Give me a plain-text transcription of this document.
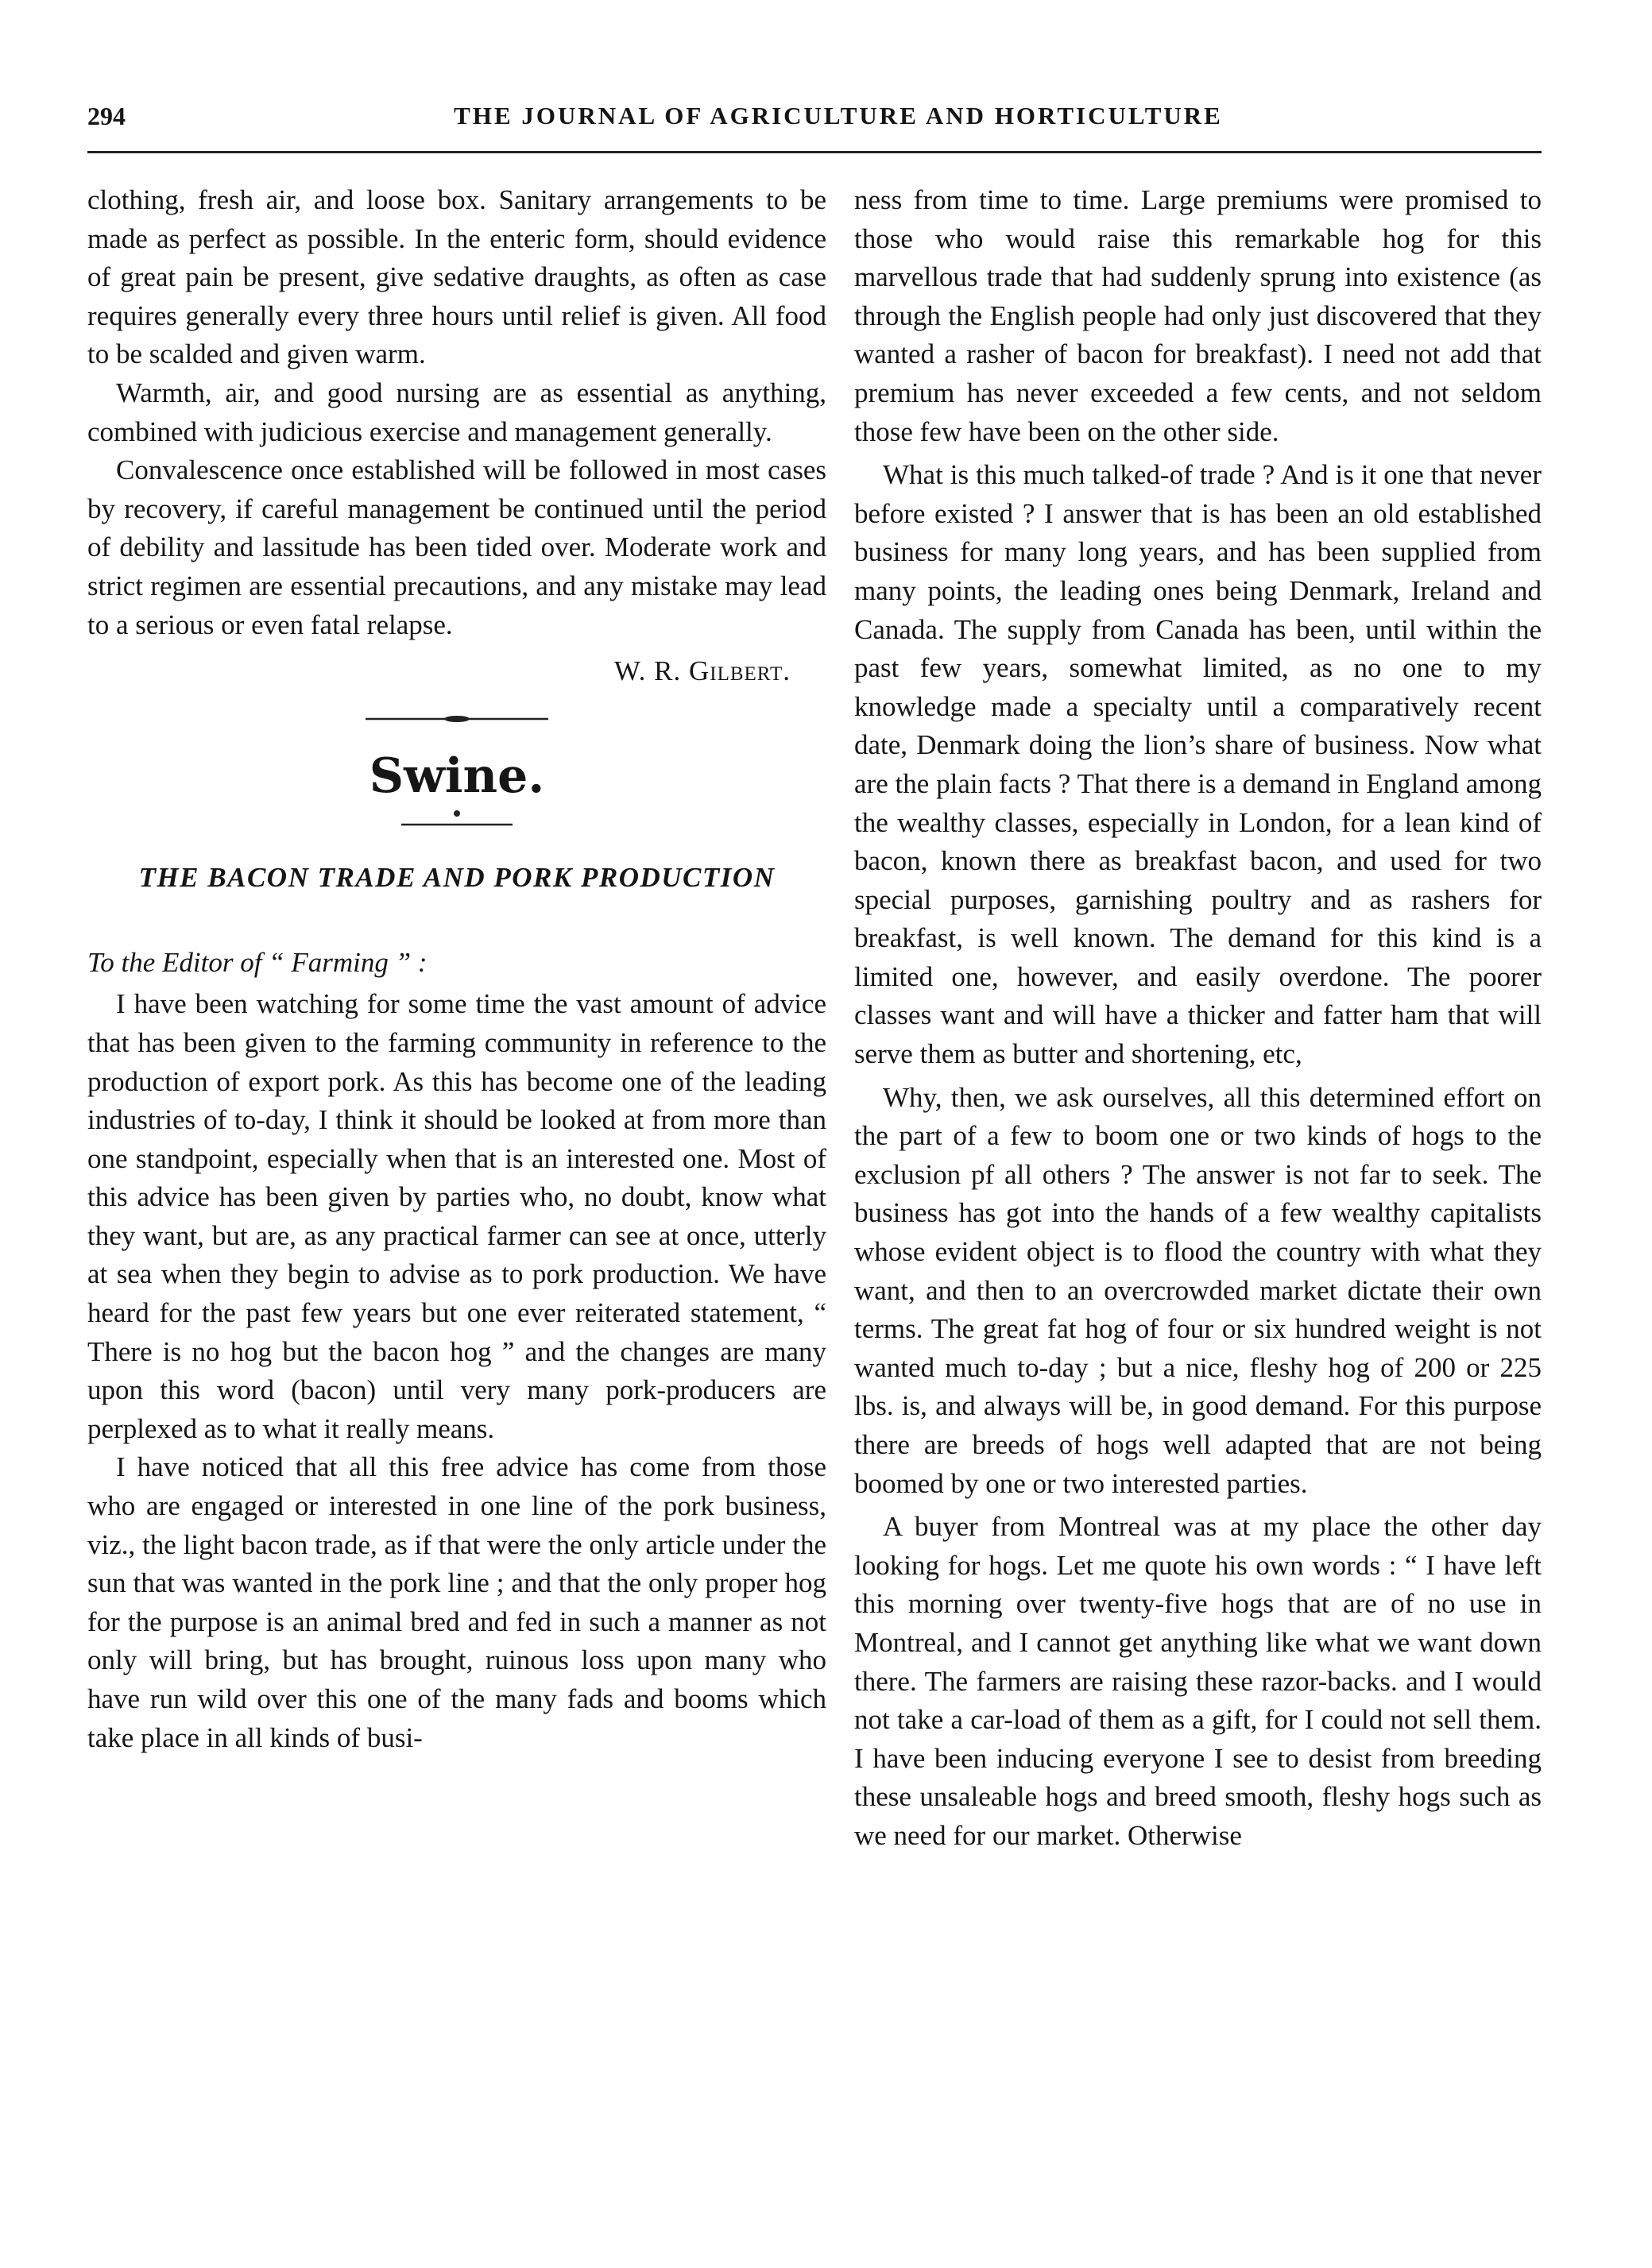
294	THE JOURNAL OF AGRICULTURE AND HORTICULTURE

clothing, fresh air, and loose box. Sanitary arrangements to be made as perfect as possible. In the enteric form, should evidence of great pain be present, give sedative draughts, as often as case requires generally every three hours until relief is given. All food to be scalded and given warm.

Warmth, air, and good nursing are as essential as anything, combined with judicious exercise and management generally.

Convalescence once established will be followed in most cases by recovery, if careful management be continued until the period of debility and lassitude has been tided over. Moderate work and strict regimen are essential precautions, and any mistake may lead to a serious or even fatal relapse.

W. R. Gilbert.
Swine.
THE BACON TRADE AND PORK PRODUCTION

To the Editor of “ Farming ” :

I have been watching for some time the vast amount of advice that has been given to the farming community in reference to the production of export pork. As this has become one of the leading industries of to-day, I think it should be looked at from more than one standpoint, especially when that is an interested one. Most of this advice has been given by parties who, no doubt, know what they want, but are, as any practical farmer can see at once, utterly at sea when they begin to advise as to pork production. We have heard for the past few years but one ever reiterated statement, “ There is no hog but the bacon hog ” and the changes are many upon this word (bacon) until very many pork-producers are perplexed as to what it really means.

I have noticed that all this free advice has come from those who are engaged or interested in one line of the pork business, viz., the light bacon trade, as if that were the only article under the sun that was wanted in the pork line ; and that the only proper hog for the purpose is an animal bred and fed in such a manner as not only will bring, but has brought, ruinous loss upon many who have run wild over this one of the many fads and booms which take place in all kinds of busi-

ness from time to time. Large premiums were promised to those who would raise this remarkable hog for this marvellous trade that had suddenly sprung into existence (as through the English people had only just discovered that they wanted a rasher of bacon for breakfast). I need not add that premium has never exceeded a few cents, and not seldom those few have been on the other side.

What is this much talked-of trade ? And is it one that never before existed ? I answer that is has been an old established business for many long years, and has been supplied from many points, the leading ones being Denmark, Ireland and Canada. The supply from Canada has been, until within the past few years, somewhat limited, as no one to my knowledge made a specialty until a comparatively recent date, Denmark doing the lion’s share of business. Now what are the plain facts ? That there is a demand in England among the wealthy classes, especially in London, for a lean kind of bacon, known there as breakfast bacon, and used for two special purposes, garnishing poultry and as rashers for breakfast, is well known. The demand for this kind is a limited one, however, and easily overdone. The poorer classes want and will have a thicker and fatter ham that will serve them as butter and shortening, etc,

Why, then, we ask ourselves, all this determined effort on the part of a few to boom one or two kinds of hogs to the exclusion pf all others ? The answer is not far to seek. The business has got into the hands of a few wealthy capitalists whose evident object is to flood the country with what they want, and then to an overcrowded market dictate their own terms. The great fat hog of four or six hundred weight is not wanted much to-day ; but a nice, fleshy hog of 200 or 225 lbs. is, and always will be, in good demand. For this purpose there are breeds of hogs well adapted that are not being boomed by one or two interested parties.

A buyer from Montreal was at my place the other day looking for hogs. Let me quote his own words : “ I have left this morning over twenty-five hogs that are of no use in Montreal, and I cannot get anything like what we want down there. The farmers are raising these razor-backs. and I would not take a car-load of them as a gift, for I could not sell them. I have been inducing everyone I see to desist from breeding these unsaleable hogs and breed smooth, fleshy hogs such as we need for our market. Otherwise
